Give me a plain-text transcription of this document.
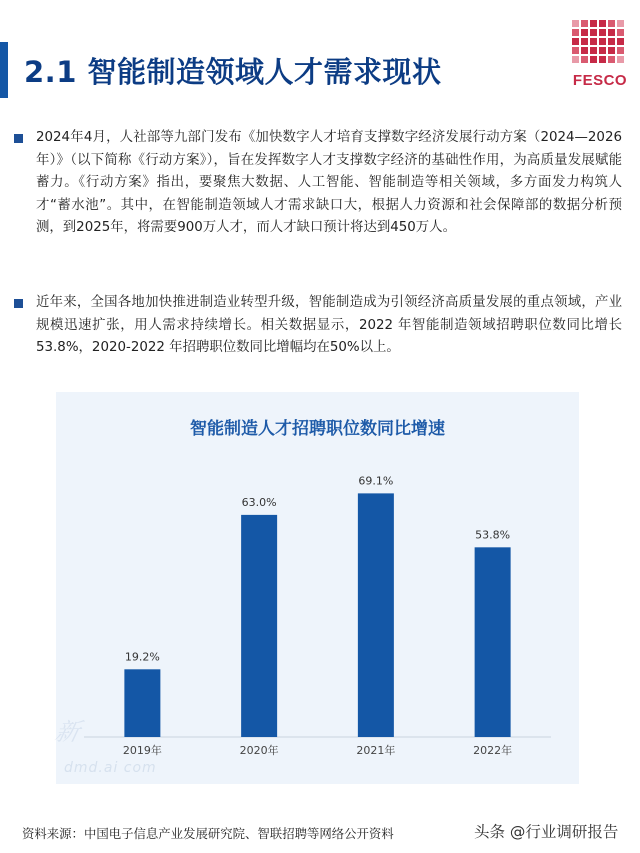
2.1 智能制造领域人才需求现状	FESCO

2024年4月，人社部等九部门发布《加快数字人才培育支撑数字经济发展行动方案（2024—2026年）》（以下简称《行动方案》），旨在发挥数字人才支撑数字经济的基础性作用，为高质量发展赋能蓄力。《行动方案》指出，要聚焦大数据、人工智能、智能制造等相关领域，多方面发力构筑人才“蓄水池”。其中，在智能制造领域人才需求缺口大，根据人力资源和社会保障部的数据分析预测，到2025年，将需要900万人才，而人才缺口预计将达到450万人。

近年来，全国各地加快推进制造业转型升级，智能制造成为引领经济高质量发展的重点领域，产业规模迅速扩张，用人需求持续增长。相关数据显示，2022 年智能制造领域招聘职位数同比增长53.8%，2020-2022 年招聘职位数同比增幅均在50%以上。

智能制造人才招聘职位数同比增速
19.2%
2019年
63.0%
2020年
69.1%
2021年
53.8%
2022年
新
dmd.ai com
资料来源：中国电子信息产业发展研究院、智联招聘等网络公开资料	头条 @行业调研报告
